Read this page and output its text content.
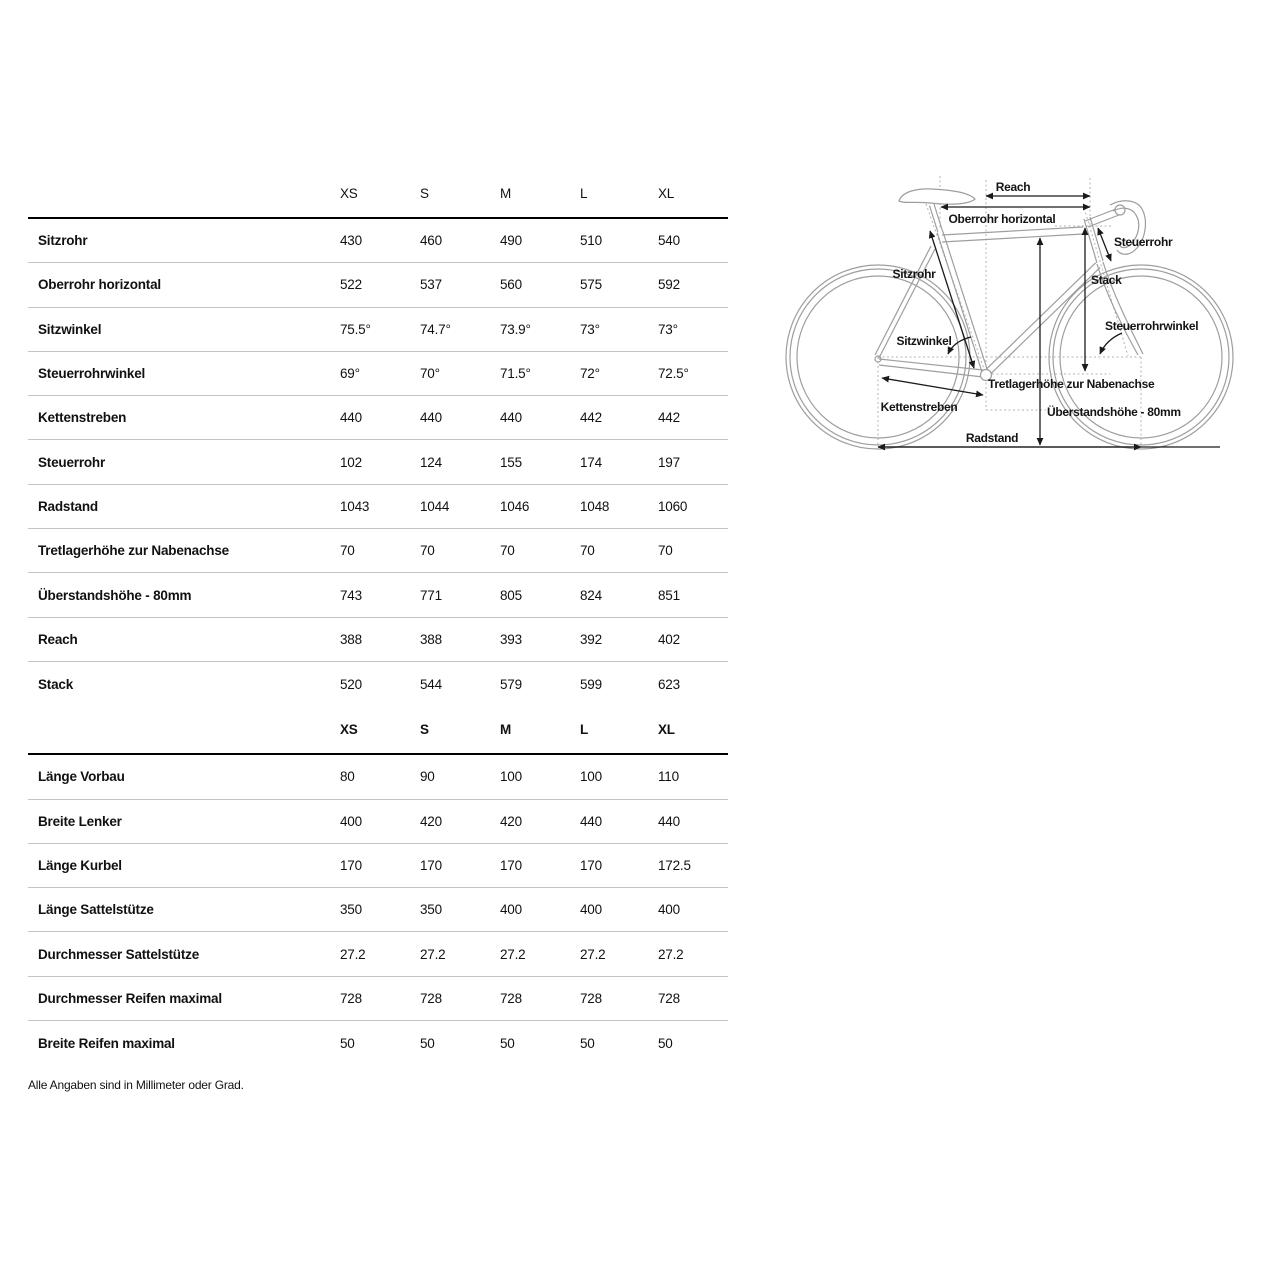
XS	S	M	L	XL
Sitzrohr	430	460	490	510	540
Oberrohr horizontal	522	537	560	575	592
Sitzwinkel	75.5°	74.7°	73.9°	73°	73°
Steuerrohrwinkel	69°	70°	71.5°	72°	72.5°
Kettenstreben	440	440	440	442	442
Steuerrohr	102	124	155	174	197
Radstand	1043	1044	1046	1048	1060
Tretlagerhöhe zur Nabenachse	70	70	70	70	70
Überstandshöhe - 80mm	743	771	805	824	851
Reach	388	388	393	392	402
Stack	520	544	579	599	623
XS	S	M	L	XL
Länge Vorbau	80	90	100	100	110
Breite Lenker	400	420	420	440	440
Länge Kurbel	170	170	170	170	172.5
Länge Sattelstütze	350	350	400	400	400
Durchmesser Sattelstütze	27.2	27.2	27.2	27.2	27.2
Durchmesser Reifen maximal	728	728	728	728	728
Breite Reifen maximal	50	50	50	50	50
Alle Angaben sind in Millimeter oder Grad.
Reach
Oberrohr horizontal
Steuerrohr
Sitzrohr	Stack
Sitzwinkel
Steuerrohrwinkel
Tretlagerhöhe zur Nabenachse
Kettenstreben	Überstandshöhe - 80mm
Radstand
